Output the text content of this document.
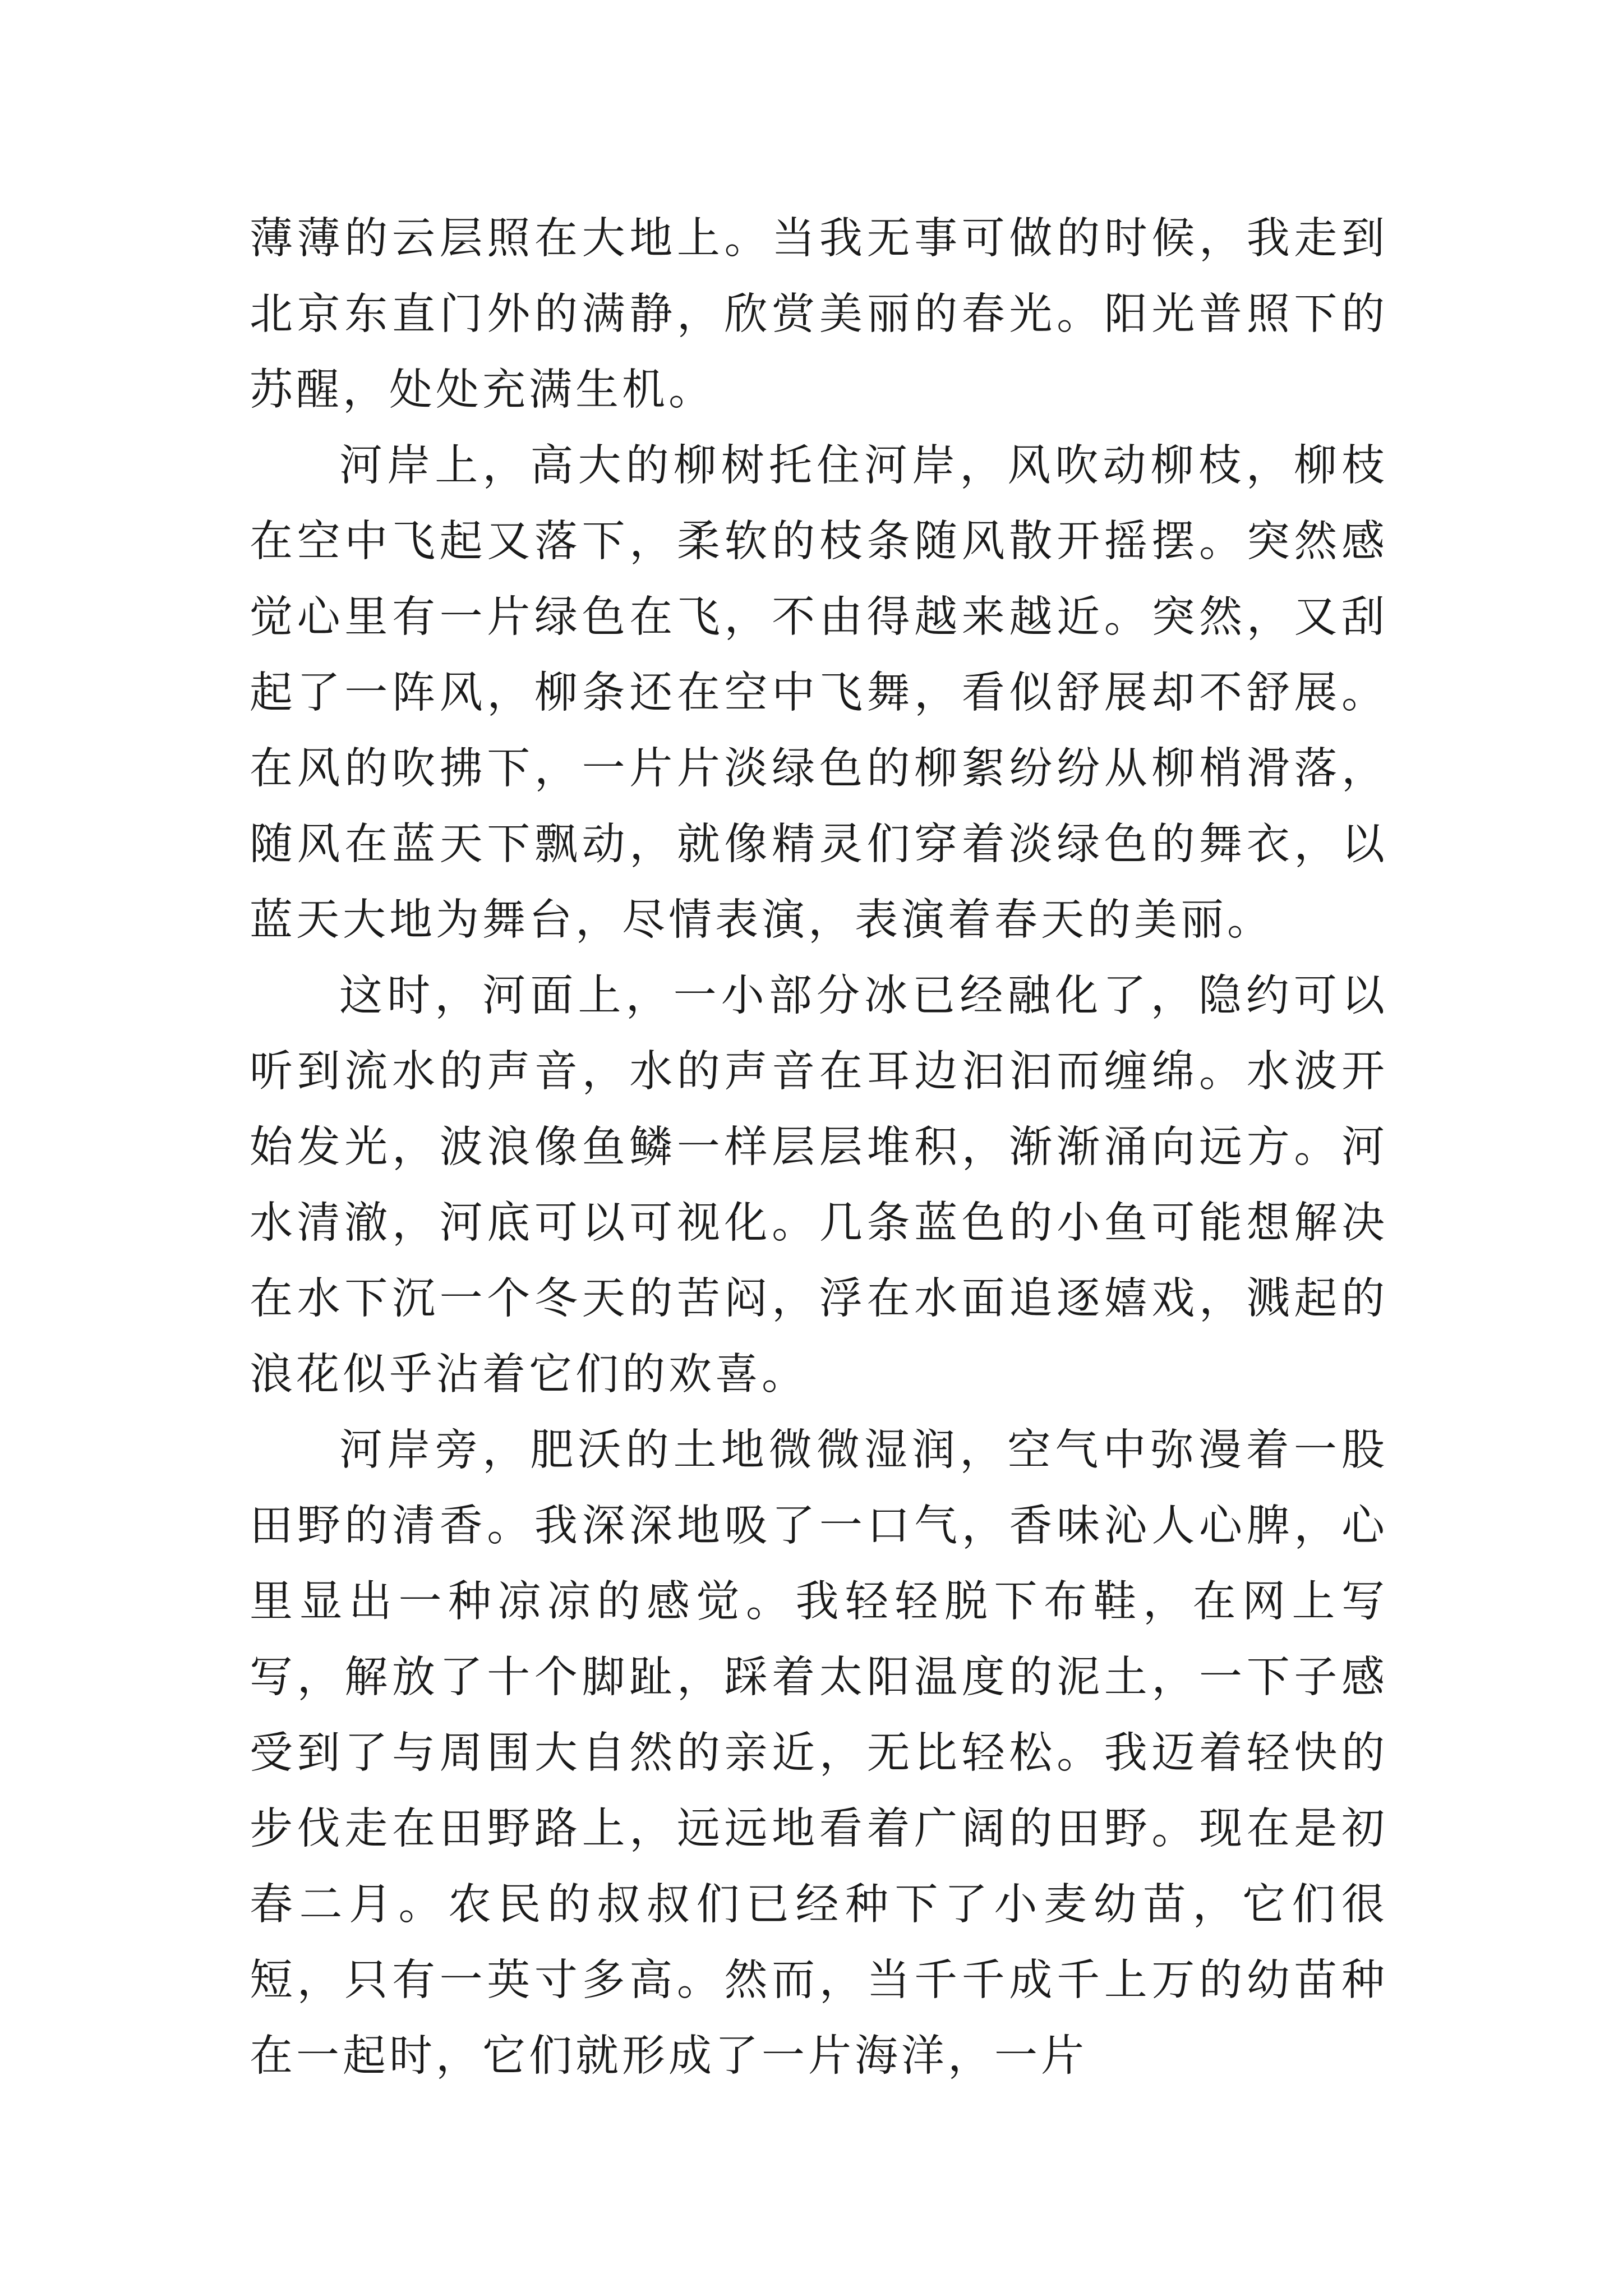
薄薄的云层照在大地上。当我无事可做的时候，我走到北京东直门外的满静，欣赏美丽的春光。阳光普照下的苏醒，处处充满生机。

河岸上，高大的柳树托住河岸，风吹动柳枝，柳枝在空中飞起又落下，柔软的枝条随风散开摇摆。突然感觉心里有一片绿色在飞，不由得越来越近。突然，又刮起了一阵风，柳条还在空中飞舞，看似舒展却不舒展。在风的吹拂下，一片片淡绿色的柳絮纷纷从柳梢滑落，随风在蓝天下飘动，就像精灵们穿着淡绿色的舞衣，以蓝天大地为舞台，尽情表演，表演着春天的美丽。

这时，河面上，一小部分冰已经融化了，隐约可以听到流水的声音，水的声音在耳边汩汩而缠绵。水波开始发光，波浪像鱼鳞一样层层堆积，渐渐涌向远方。河水清澈，河底可以可视化。几条蓝色的小鱼可能想解决在水下沉一个冬天的苦闷，浮在水面追逐嬉戏，溅起的浪花似乎沾着它们的欢喜。

河岸旁，肥沃的土地微微湿润，空气中弥漫着一股田野的清香。我深深地吸了一口气，香味沁人心脾，心里显出一种凉凉的感觉。我轻轻脱下布鞋，在网上写写，解放了十个脚趾，踩着太阳温度的泥土，一下子感受到了与周围大自然的亲近，无比轻松。我迈着轻快的步伐走在田野路上，远远地看着广阔的田野。现在是初春二月。农民的叔叔们已经种下了小麦幼苗，它们很短，只有一英寸多高。然而，当千千成千上万的幼苗种在一起时，它们就形成了一片海洋，一片
